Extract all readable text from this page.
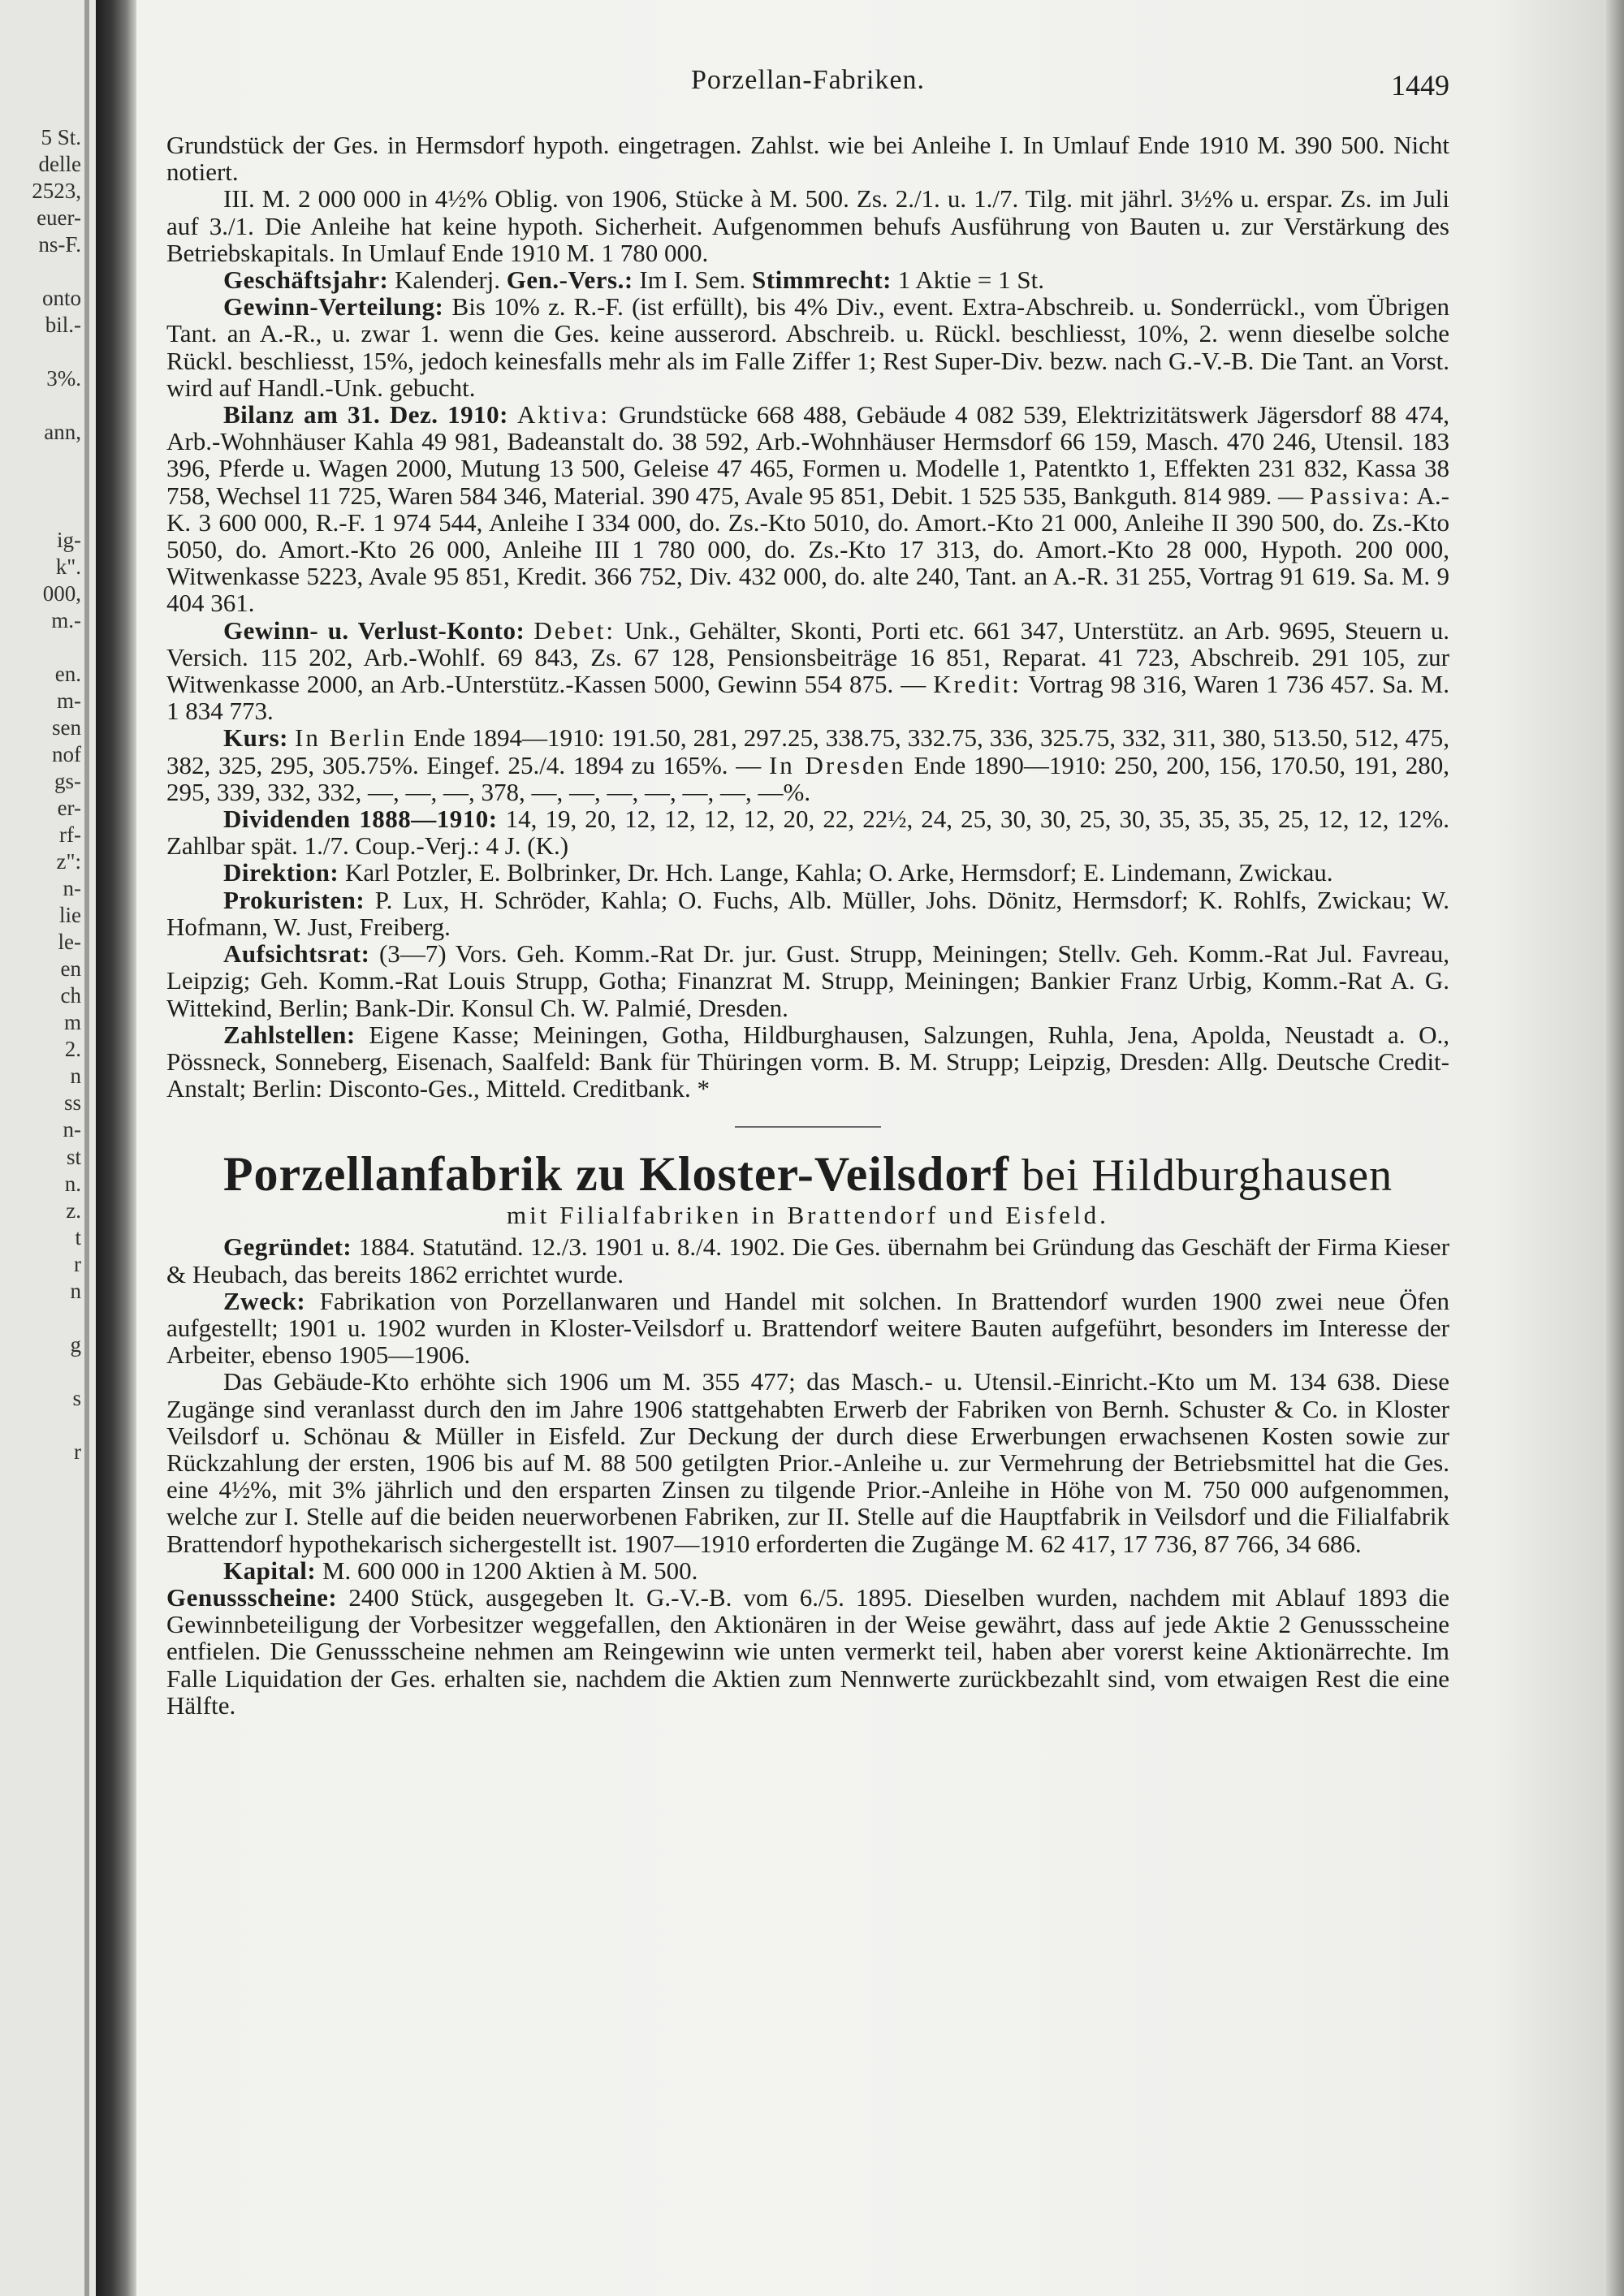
5 St.
delle
2523,
euer-
ns-F.
onto
bil.-
3%.
ann,
ig-
k".
000,
m.-
en.
m-
sen
nof
gs-
er-
rf-
z":
n-
lie
le-
en
ch
m
2.
n
ss
n-
st
n.
z.
t
r
n
g
s
r
Porzellan-Fabriken.	1449

Grundstück der Ges. in Hermsdorf hypoth. eingetragen. Zahlst. wie bei Anleihe I. In Umlauf Ende 1910 M. 390 500. Nicht notiert.

III. M. 2 000 000 in 4½% Oblig. von 1906, Stücke à M. 500. Zs. 2./1. u. 1./7. Tilg. mit jährl. 3½% u. erspar. Zs. im Juli auf 3./1. Die Anleihe hat keine hypoth. Sicherheit. Aufgenommen behufs Ausführung von Bauten u. zur Verstärkung des Betriebskapitals. In Umlauf Ende 1910 M. 1 780 000.

Geschäftsjahr: Kalenderj. Gen.-Vers.: Im I. Sem. Stimmrecht: 1 Aktie = 1 St.

Gewinn-Verteilung: Bis 10% z. R.-F. (ist erfüllt), bis 4% Div., event. Extra-Abschreib. u. Sonderrückl., vom Übrigen Tant. an A.-R., u. zwar 1. wenn die Ges. keine ausserord. Abschreib. u. Rückl. beschliesst, 10%, 2. wenn dieselbe solche Rückl. beschliesst, 15%, jedoch keinesfalls mehr als im Falle Ziffer 1; Rest Super-Div. bezw. nach G.-V.-B. Die Tant. an Vorst. wird auf Handl.-Unk. gebucht.

Bilanz am 31. Dez. 1910: Aktiva: Grundstücke 668 488, Gebäude 4 082 539, Elektrizitätswerk Jägersdorf 88 474, Arb.-Wohnhäuser Kahla 49 981, Badeanstalt do. 38 592, Arb.-Wohnhäuser Hermsdorf 66 159, Masch. 470 246, Utensil. 183 396, Pferde u. Wagen 2000, Mutung 13 500, Geleise 47 465, Formen u. Modelle 1, Patentkto 1, Effekten 231 832, Kassa 38 758, Wechsel 11 725, Waren 584 346, Material. 390 475, Avale 95 851, Debit. 1 525 535, Bankguth. 814 989. — Passiva: A.-K. 3 600 000, R.-F. 1 974 544, Anleihe I 334 000, do. Zs.-Kto 5010, do. Amort.-Kto 21 000, Anleihe II 390 500, do. Zs.-Kto 5050, do. Amort.-Kto 26 000, Anleihe III 1 780 000, do. Zs.-Kto 17 313, do. Amort.-Kto 28 000, Hypoth. 200 000, Witwenkasse 5223, Avale 95 851, Kredit. 366 752, Div. 432 000, do. alte 240, Tant. an A.-R. 31 255, Vortrag 91 619. Sa. M. 9 404 361.

Gewinn- u. Verlust-Konto: Debet: Unk., Gehälter, Skonti, Porti etc. 661 347, Unterstütz. an Arb. 9695, Steuern u. Versich. 115 202, Arb.-Wohlf. 69 843, Zs. 67 128, Pensionsbeiträge 16 851, Reparat. 41 723, Abschreib. 291 105, zur Witwenkasse 2000, an Arb.-Unterstütz.-Kassen 5000, Gewinn 554 875. — Kredit: Vortrag 98 316, Waren 1 736 457. Sa. M. 1 834 773.

Kurs: In Berlin Ende 1894—1910: 191.50, 281, 297.25, 338.75, 332.75, 336, 325.75, 332, 311, 380, 513.50, 512, 475, 382, 325, 295, 305.75%. Eingef. 25./4. 1894 zu 165%. — In Dresden Ende 1890—1910: 250, 200, 156, 170.50, 191, 280, 295, 339, 332, 332, —, —, —, 378, —, —, —, —, —, —, —%.

Dividenden 1888—1910: 14, 19, 20, 12, 12, 12, 12, 20, 22, 22½, 24, 25, 30, 30, 25, 30, 35, 35, 35, 25, 12, 12, 12%. Zahlbar spät. 1./7. Coup.-Verj.: 4 J. (K.)

Direktion: Karl Potzler, E. Bolbrinker, Dr. Hch. Lange, Kahla; O. Arke, Hermsdorf; E. Lindemann, Zwickau.

Prokuristen: P. Lux, H. Schröder, Kahla; O. Fuchs, Alb. Müller, Johs. Dönitz, Hermsdorf; K. Rohlfs, Zwickau; W. Hofmann, W. Just, Freiberg.

Aufsichtsrat: (3—7) Vors. Geh. Komm.-Rat Dr. jur. Gust. Strupp, Meiningen; Stellv. Geh. Komm.-Rat Jul. Favreau, Leipzig; Geh. Komm.-Rat Louis Strupp, Gotha; Finanzrat M. Strupp, Meiningen; Bankier Franz Urbig, Komm.-Rat A. G. Wittekind, Berlin; Bank-Dir. Konsul Ch. W. Palmié, Dresden.

Zahlstellen: Eigene Kasse; Meiningen, Gotha, Hildburghausen, Salzungen, Ruhla, Jena, Apolda, Neustadt a. O., Pössneck, Sonneberg, Eisenach, Saalfeld: Bank für Thüringen vorm. B. M. Strupp; Leipzig, Dresden: Allg. Deutsche Credit-Anstalt; Berlin: Disconto-Ges., Mitteld. Creditbank. *

Porzellanfabrik zu Kloster-Veilsdorf bei Hildburghausen

mit Filialfabriken in Brattendorf und Eisfeld.

Gegründet: 1884. Statutänd. 12./3. 1901 u. 8./4. 1902. Die Ges. übernahm bei Gründung das Geschäft der Firma Kieser & Heubach, das bereits 1862 errichtet wurde.

Zweck: Fabrikation von Porzellanwaren und Handel mit solchen. In Brattendorf wurden 1900 zwei neue Öfen aufgestellt; 1901 u. 1902 wurden in Kloster-Veilsdorf u. Brattendorf weitere Bauten aufgeführt, besonders im Interesse der Arbeiter, ebenso 1905—1906.

Das Gebäude-Kto erhöhte sich 1906 um M. 355 477; das Masch.- u. Utensil.-Einricht.-Kto um M. 134 638. Diese Zugänge sind veranlasst durch den im Jahre 1906 stattgehabten Erwerb der Fabriken von Bernh. Schuster & Co. in Kloster Veilsdorf u. Schönau & Müller in Eisfeld. Zur Deckung der durch diese Erwerbungen erwachsenen Kosten sowie zur Rückzahlung der ersten, 1906 bis auf M. 88 500 getilgten Prior.-Anleihe u. zur Vermehrung der Betriebsmittel hat die Ges. eine 4½%, mit 3% jährlich und den ersparten Zinsen zu tilgende Prior.-Anleihe in Höhe von M. 750 000 aufgenommen, welche zur I. Stelle auf die beiden neuerworbenen Fabriken, zur II. Stelle auf die Hauptfabrik in Veilsdorf und die Filialfabrik Brattendorf hypothekarisch sichergestellt ist. 1907—1910 erforderten die Zugänge M. 62 417, 17 736, 87 766, 34 686.

Kapital: M. 600 000 in 1200 Aktien à M. 500.

Genussscheine: 2400 Stück, ausgegeben lt. G.-V.-B. vom 6./5. 1895. Dieselben wurden, nachdem mit Ablauf 1893 die Gewinnbeteiligung der Vorbesitzer weggefallen, den Aktionären in der Weise gewährt, dass auf jede Aktie 2 Genussscheine entfielen. Die Genussscheine nehmen am Reingewinn wie unten vermerkt teil, haben aber vorerst keine Aktionärrechte. Im Falle Liquidation der Ges. erhalten sie, nachdem die Aktien zum Nennwerte zurückbezahlt sind, vom etwaigen Rest die eine Hälfte.
